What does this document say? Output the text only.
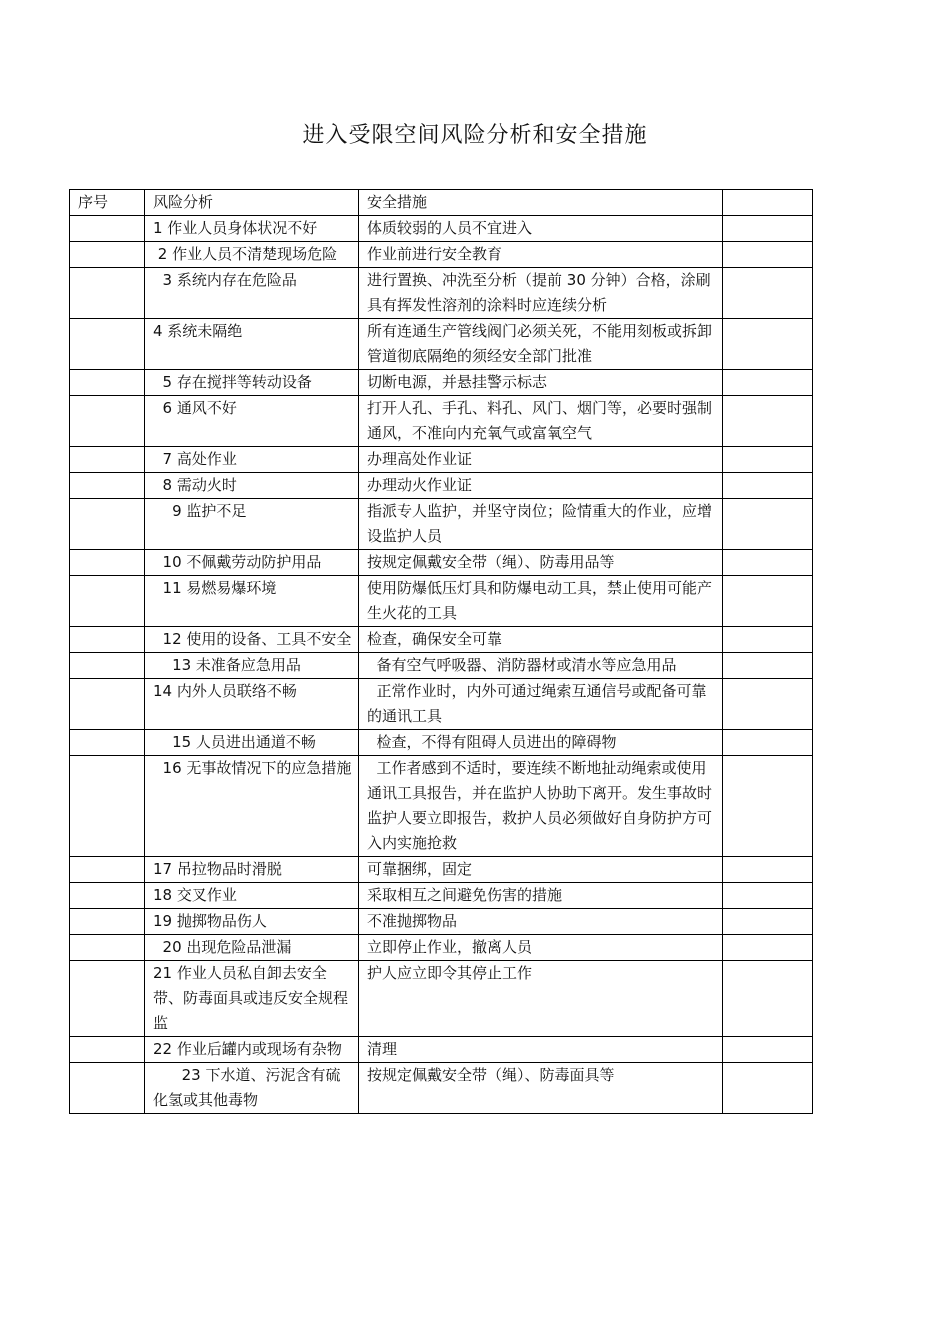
进入受限空间风险分析和安全措施
序号	风险分析	安全措施	
	1 作业人员身体状况不好	体质较弱的人员不宜进入	
	2 作业人员不清楚现场危险	作业前进行安全教育	
	3 系统内存在危险品	进行置换、冲洗至分析（提前 30 分钟）合格，涂刷具有挥发性溶剂的涂料时应连续分析	
	4 系统未隔绝	所有连通生产管线阀门必须关死，不能用刻板或拆卸管道彻底隔绝的须经安全部门批准	
	5 存在搅拌等转动设备	切断电源，并悬挂警示标志	
	6 通风不好	打开人孔、手孔、料孔、风门、烟门等，必要时强制通风，不准向内充氧气或富氧空气	
	7 高处作业	办理高处作业证	
	8 需动火时	办理动火作业证	
	9 监护不足	指派专人监护，并坚守岗位；险情重大的作业，应增设监护人员	
	10 不佩戴劳动防护用品	按规定佩戴安全带（绳）、防毒用品等	
	11 易燃易爆环境	使用防爆低压灯具和防爆电动工具，禁止使用可能产生火花的工具	
	12 使用的设备、工具不安全	检查，确保安全可靠	
	13 未准备应急用品	备有空气呼吸器、消防器材或清水等应急用品	
	14 内外人员联络不畅	正常作业时，内外可通过绳索互通信号或配备可靠的通讯工具	
	15 人员进出通道不畅	检查，不得有阻碍人员进出的障碍物	
	16 无事故情况下的应急措施	工作者感到不适时，要连续不断地扯动绳索或使用通讯工具报告，并在监护人协助下离开。发生事故时监护人要立即报告，救护人员必须做好自身防护方可入内实施抢救	
	17 吊拉物品时滑脱	可靠捆绑，固定	
	18 交叉作业	采取相互之间避免伤害的措施	
	19 抛掷物品伤人	不准抛掷物品	
	20 出现危险品泄漏	立即停止作业，撤离人员	
	21 作业人员私自卸去安全带、防毒面具或违反安全规程 监	护人应立即令其停止工作	
	22 作业后罐内或现场有杂物	清理	
	23 下水道、污泥含有硫化氢或其他毒物	按规定佩戴安全带（绳）、防毒面具等	
